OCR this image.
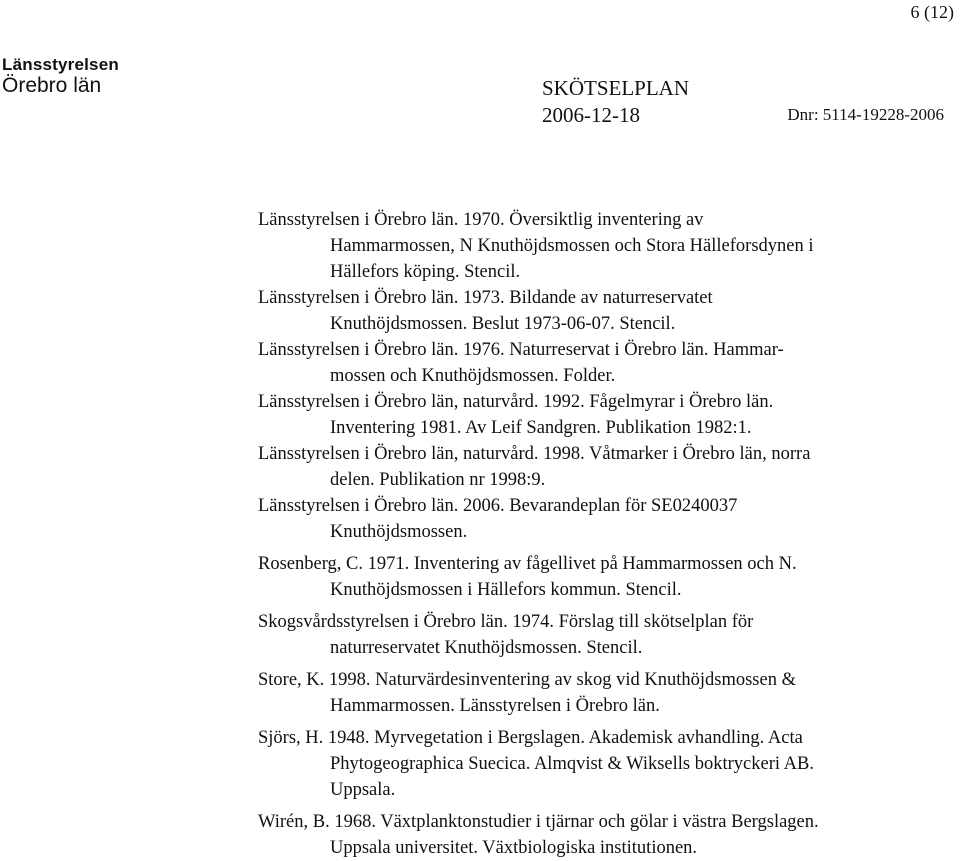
6 (12)
Länsstyrelsen
Örebro län	SKÖTSELPLAN
2006-12-18	Dnr: 5114-19228-2006
Länsstyrelsen i Örebro län. 1970. Översiktlig inventering av
Hammarmossen, N Knuthöjdsmossen och Stora Hälleforsdynen i
Hällefors köping. Stencil.
Länsstyrelsen i Örebro län. 1973. Bildande av naturreservatet
Knuthöjdsmossen. Beslut 1973-06-07. Stencil.
Länsstyrelsen i Örebro län. 1976. Naturreservat i Örebro län. Hammar-
mossen och Knuthöjdsmossen. Folder.
Länsstyrelsen i Örebro län, naturvård. 1992. Fågelmyrar i Örebro län.
Inventering 1981. Av Leif Sandgren. Publikation 1982:1.
Länsstyrelsen i Örebro län, naturvård. 1998. Våtmarker i Örebro län, norra
delen. Publikation nr 1998:9.
Länsstyrelsen i Örebro län. 2006. Bevarandeplan för SE0240037
Knuthöjdsmossen.
Rosenberg, C. 1971. Inventering av fågellivet på Hammarmossen och N.
Knuthöjdsmossen i Hällefors kommun. Stencil.
Skogsvårdsstyrelsen i Örebro län. 1974. Förslag till skötselplan för
naturreservatet Knuthöjdsmossen. Stencil.
Store, K. 1998. Naturvärdesinventering av skog vid Knuthöjdsmossen &
Hammarmossen. Länsstyrelsen i Örebro län.
Sjörs, H. 1948. Myrvegetation i Bergslagen. Akademisk avhandling. Acta
Phytogeographica Suecica. Almqvist & Wiksells boktryckeri AB.
Uppsala.
Wirén, B. 1968. Växtplanktonstudier i tjärnar och gölar i västra Bergslagen.
Uppsala universitet. Växtbiologiska institutionen.
